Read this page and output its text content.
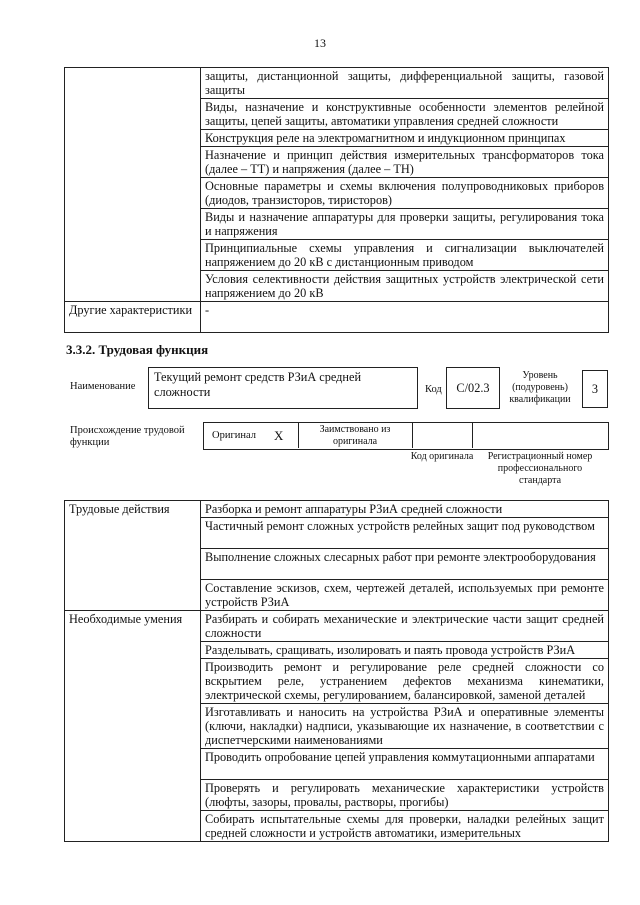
13
	защиты, дистанционной защиты, дифференциальной защиты, газовой защиты
	Виды, назначение и конструктивные особенности элементов релейной защиты, цепей защиты, автоматики управления средней сложности
	Конструкция реле на электромагнитном и индукционном принципах
	Назначение и принцип действия измерительных трансформаторов тока (далее – ТТ) и напряжения (далее – ТН)
	Основные параметры и схемы включения полупроводниковых приборов (диодов, транзисторов, тиристоров)
	Виды и назначение аппаратуры для проверки защиты, регулирования тока и напряжения
	Принципиальные схемы управления и сигнализации выключателей напряжением до 20 кВ с дистанционным приводом
	Условия селективности действия защитных устройств электрической сети напряжением до 20 кВ
Другие характеристики	-
3.3.2. Трудовая функция
Наименование
Текущий ремонт средств РЗиА средней сложности	Код	С/02.3
Уровень (подуровень) квалификации
3
Происхождение трудовой функции
Оригинал X	Заимствовано из оригинала
Код оригинала	Регистрационный номер профессионального стандарта
Трудовые действия	Разборка и ремонт аппаратуры РЗиА средней сложности
	Частичный ремонт сложных устройств релейных защит под руководством
	Выполнение сложных слесарных работ при ремонте электрооборудования
	Составление эскизов, схем, чертежей деталей, используемых при ремонте устройств РЗиА
Необходимые умения	Разбирать и собирать механические и электрические части защит средней сложности
	Разделывать, сращивать, изолировать и паять провода устройств РЗиА
	Производить ремонт и регулирование реле средней сложности со вскрытием реле, устранением дефектов механизма кинематики, электрической схемы, регулированием, балансировкой, заменой деталей
	Изготавливать и наносить на устройства РЗиА и оперативные элементы (ключи, накладки) надписи, указывающие их назначение, в соответствии с диспетчерскими наименованиями
	Проводить опробование цепей управления коммутационными аппаратами
	Проверять и регулировать механические характеристики устройств (люфты, зазоры, провалы, растворы, прогибы)
	Собирать испытательные схемы для проверки, наладки релейных защит средней сложности и устройств автоматики, измерительных
